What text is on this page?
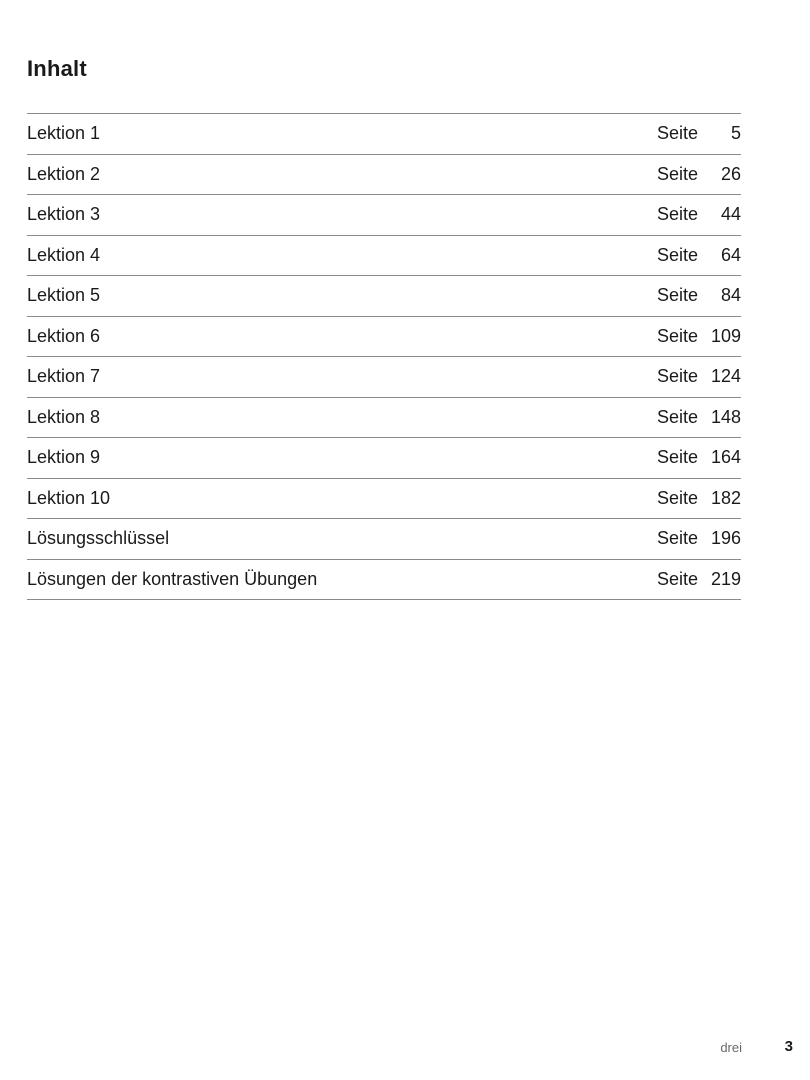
Inhalt
Lektion 1	Seite 5
Lektion 2	Seite 26
Lektion 3	Seite 44
Lektion 4	Seite 64
Lektion 5	Seite 84
Lektion 6	Seite 109
Lektion 7	Seite 124
Lektion 8	Seite 148
Lektion 9	Seite 164
Lektion 10	Seite 182
Lösungsschlüssel	Seite 196
Lösungen der kontrastiven Übungen	Seite 219
drei	3
